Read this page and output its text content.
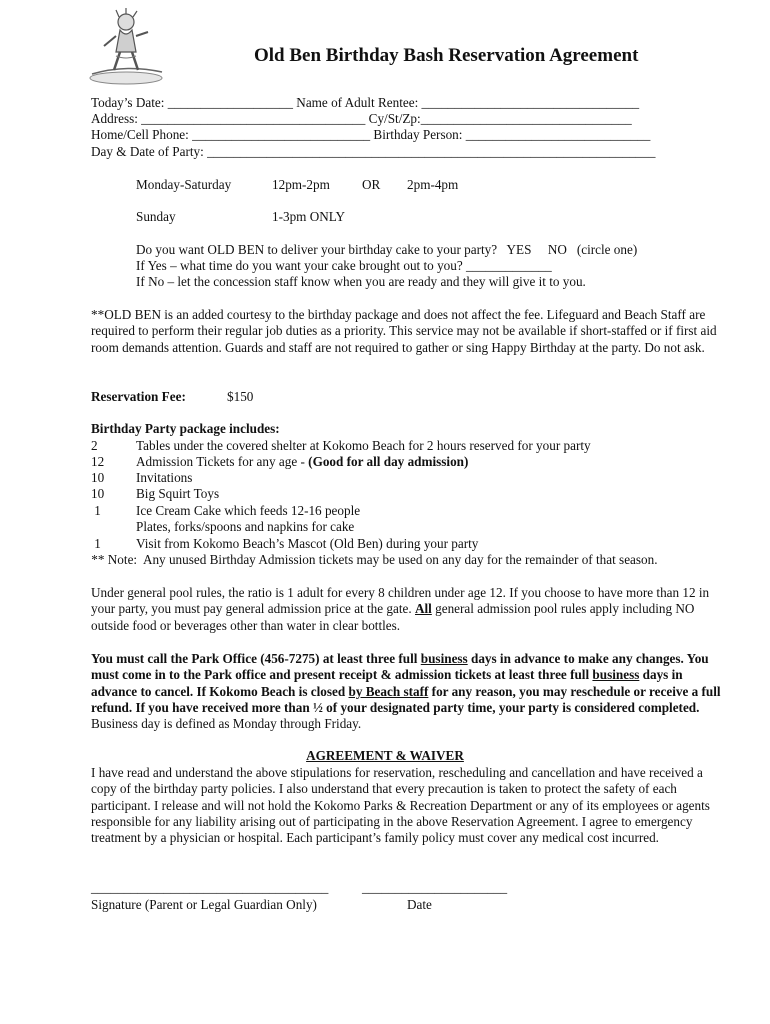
Old Ben Birthday Bash Reservation Agreement
Today’s Date: ___________________ Name of Adult Rentee: _________________________________
Address: __________________________________ Cy/St/Zp:________________________________
Home/Cell Phone: ___________________________ Birthday Person: ____________________________
Day & Date of Party: ____________________________________________________________________
Monday-Saturday	12pm-2pm OR 2pm-4pm
Sunday	1-3pm ONLY
Do you want OLD BEN to deliver your birthday cake to your party?   YES     NO   (circle one)
If Yes – what time do you want your cake brought out to you? _____________
If No – let the concession staff know when you are ready and they will give it to you.
**OLD BEN is an added courtesy to the birthday package and does not affect the fee. Lifeguard and Beach Staff are required to perform their regular job duties as a priority. This service may not be available if short-staffed or if first aid room demands attention. Guards and staff are not required to gather or sing Happy Birthday at the party. Do not ask.
Reservation Fee:	$150
Birthday Party package includes:
2	Tables under the covered shelter at Kokomo Beach for 2 hours reserved for your party
12	Admission Tickets for any age - (Good for all day admission)
10	Invitations
10	Big Squirt Toys
1	Ice Cream Cake which feeds 12-16 people
Plates, forks/spoons and napkins for cake
1	Visit from Kokomo Beach’s Mascot (Old Ben) during your party
** Note:  Any unused Birthday Admission tickets may be used on any day for the remainder of that season.
Under general pool rules, the ratio is 1 adult for every 8 children under age 12. If you choose to have more than 12 in your party, you must pay general admission price at the gate. All general admission pool rules apply including NO outside food or beverages other than water in clear bottles.
You must call the Park Office (456-7275) at least three full business days in advance to make any changes. You must come in to the Park office and present receipt & admission tickets at least three full business days in advance to cancel. If Kokomo Beach is closed by Beach staff for any reason, you may reschedule or receive a full refund. If you have received more than ½ of your designated party time, your party is considered completed. Business day is defined as Monday through Friday.
AGREEMENT & WAIVER
I have read and understand the above stipulations for reservation, rescheduling and cancellation and have received a copy of the birthday party policies. I also understand that every precaution is taken to protect the safety of each participant. I release and will not hold the Kokomo Parks & Recreation Department or any of its employees or agents responsible for any liability arising out of participating in the above Reservation Agreement. I agree to emergency treatment by a physician or hospital. Each participant’s family policy must cover any medical cost incurred.
____________________________________	______________________
Signature (Parent or Legal Guardian Only)	Date
